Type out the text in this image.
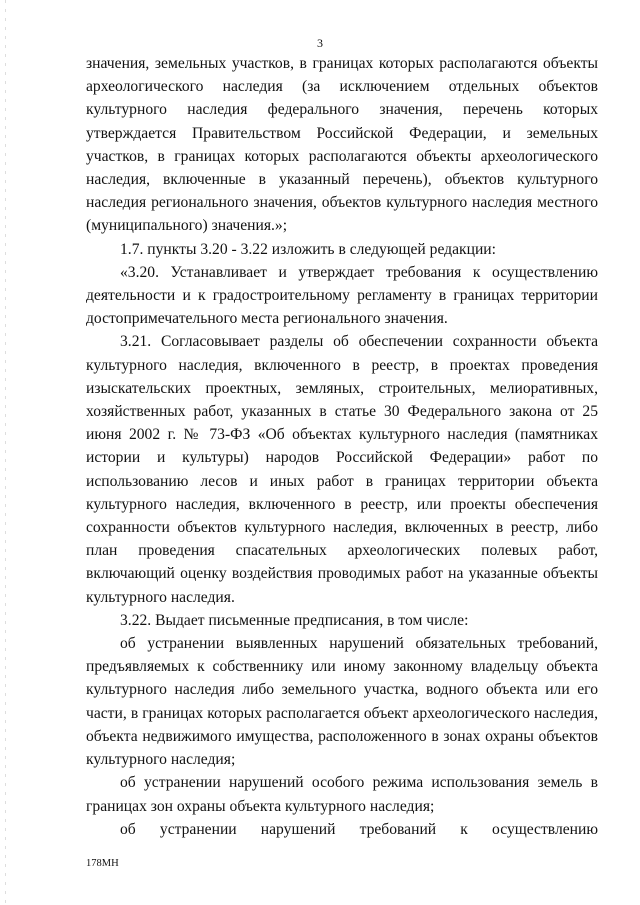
3

значения, земельных участков, в границах которых располагаются объекты археологического наследия (за исключением отдельных объектов культурного наследия федерального значения, перечень которых утверждается Правительством Российской Федерации, и земельных участков, в границах которых располагаются объекты археологического наследия, включенные в указанный перечень), объектов культурного наследия регионального значения, объектов культурного наследия местного (муниципального) значения.»;

1.7. пункты 3.20 - 3.22 изложить в следующей редакции:

«3.20. Устанавливает и утверждает требования к осуществлению деятельности и к градостроительному регламенту в границах территории достопримечательного места регионального значения.

3.21. Согласовывает разделы об обеспечении сохранности объекта культурного наследия, включенного в реестр, в проектах проведения изыскательских проектных, земляных, строительных, мелиоративных, хозяйственных работ, указанных в статье 30 Федерального закона от 25 июня 2002 г. № 73-ФЗ «Об объектах культурного наследия (памятниках истории и культуры) народов Российской Федерации» работ по использованию лесов и иных работ в границах территории объекта культурного наследия, включенного в реестр, или проекты обеспечения сохранности объектов культурного наследия, включенных в реестр, либо план проведения спасательных археологических полевых работ, включающий оценку воздействия проводимых работ на указанные объекты культурного наследия.

3.22. Выдает письменные предписания, в том числе:

об устранении выявленных нарушений обязательных требований, предъявляемых к собственнику или иному законному владельцу объекта культурного наследия либо земельного участка, водного объекта или его части, в границах которых располагается объект археологического наследия, объекта недвижимого имущества, расположенного в зонах охраны объектов культурного наследия;

об устранении нарушений особого режима использования земель в границах зон охраны объекта культурного наследия;

об устранении нарушений требований к осуществлению

178МН
